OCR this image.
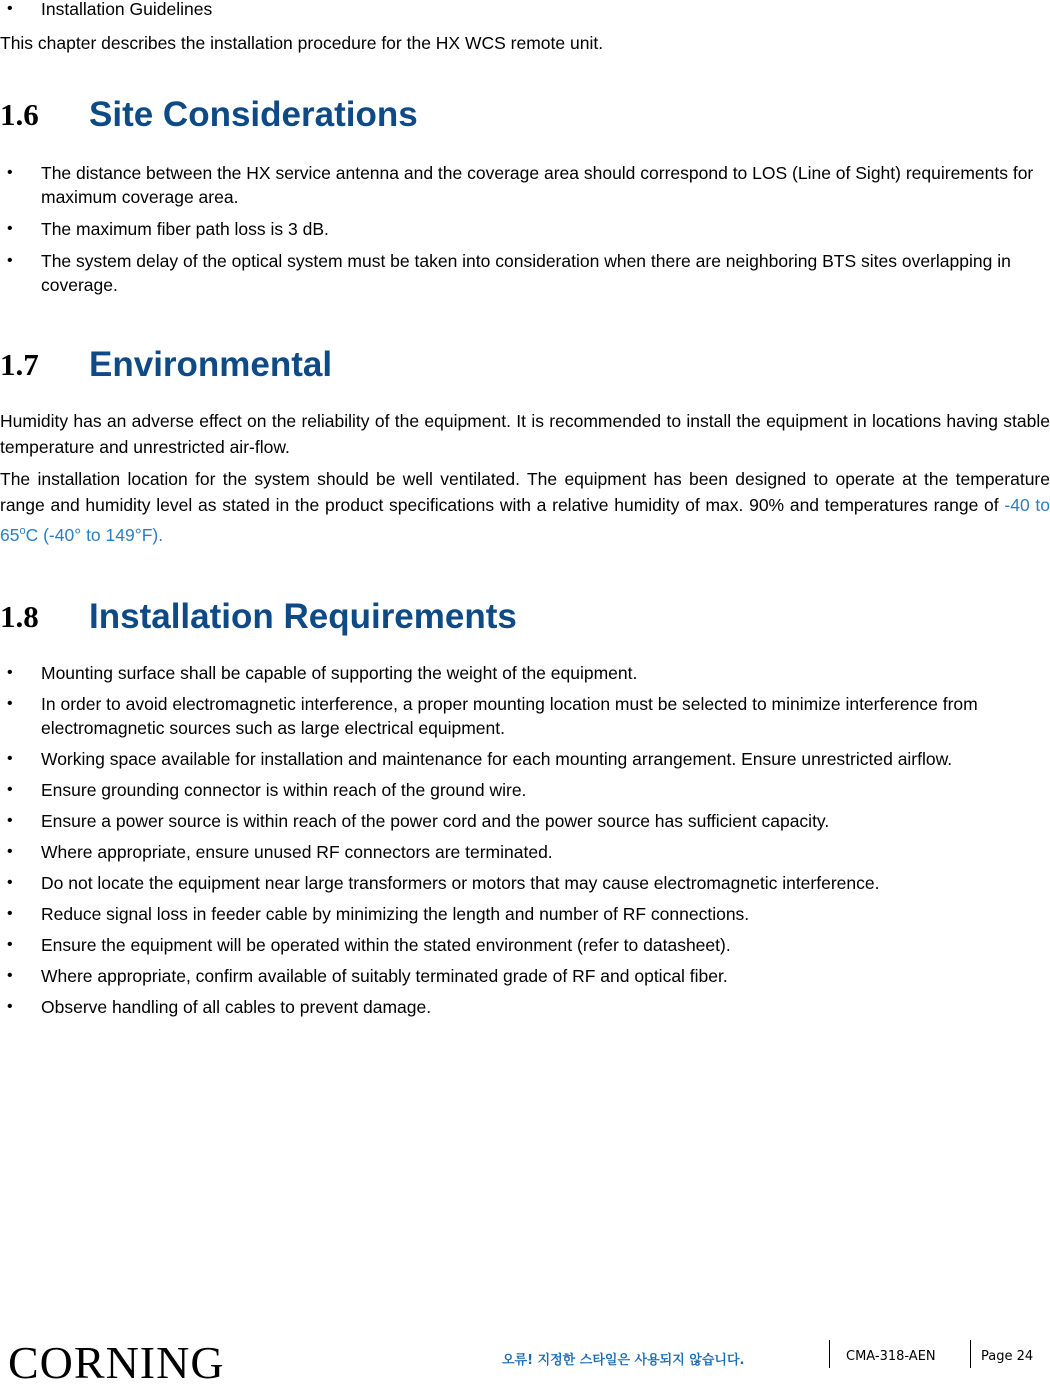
• Installation Guidelines

This chapter describes the installation procedure for the HX WCS remote unit.

1.6 Site Considerations
• The distance between the HX service antenna and the coverage area should correspond to LOS (Line of Sight) requirements for maximum coverage area.
• The maximum fiber path loss is 3 dB.
• The system delay of the optical system must be taken into consideration when there are neighboring BTS sites overlapping in coverage.
1.7 Environmental

Humidity has an adverse effect on the reliability of the equipment. It is recommended to install the equipment in locations having stable temperature and unrestricted air-flow.

The installation location for the system should be well ventilated. The equipment has been designed to operate at the temperature range and humidity level as stated in the product specifications with a relative humidity of max. 90% and temperatures range of -40 to 65$^o$C (-40° to 149°F).

1.8 Installation Requirements
• Mounting surface shall be capable of supporting the weight of the equipment.
• In order to avoid electromagnetic interference, a proper mounting location must be selected to minimize interference from electromagnetic sources such as large electrical equipment.
• Working space available for installation and maintenance for each mounting arrangement. Ensure unrestricted airflow.
• Ensure grounding connector is within reach of the ground wire.
• Ensure a power source is within reach of the power cord and the power source has sufficient capacity.
• Where appropriate, ensure unused RF connectors are terminated.
• Do not locate the equipment near large transformers or motors that may cause electromagnetic interference.
• Reduce signal loss in feeder cable by minimizing the length and number of RF connections.
• Ensure the equipment will be operated within the stated environment (refer to datasheet).
• Where appropriate, confirm available of suitably terminated grade of RF and optical fiber.
• Observe handling of all cables to prevent damage.
CORNING	오류! 지정한 스타일은 사용되지 않습니다.	CMA-318-AEN	Page 24
